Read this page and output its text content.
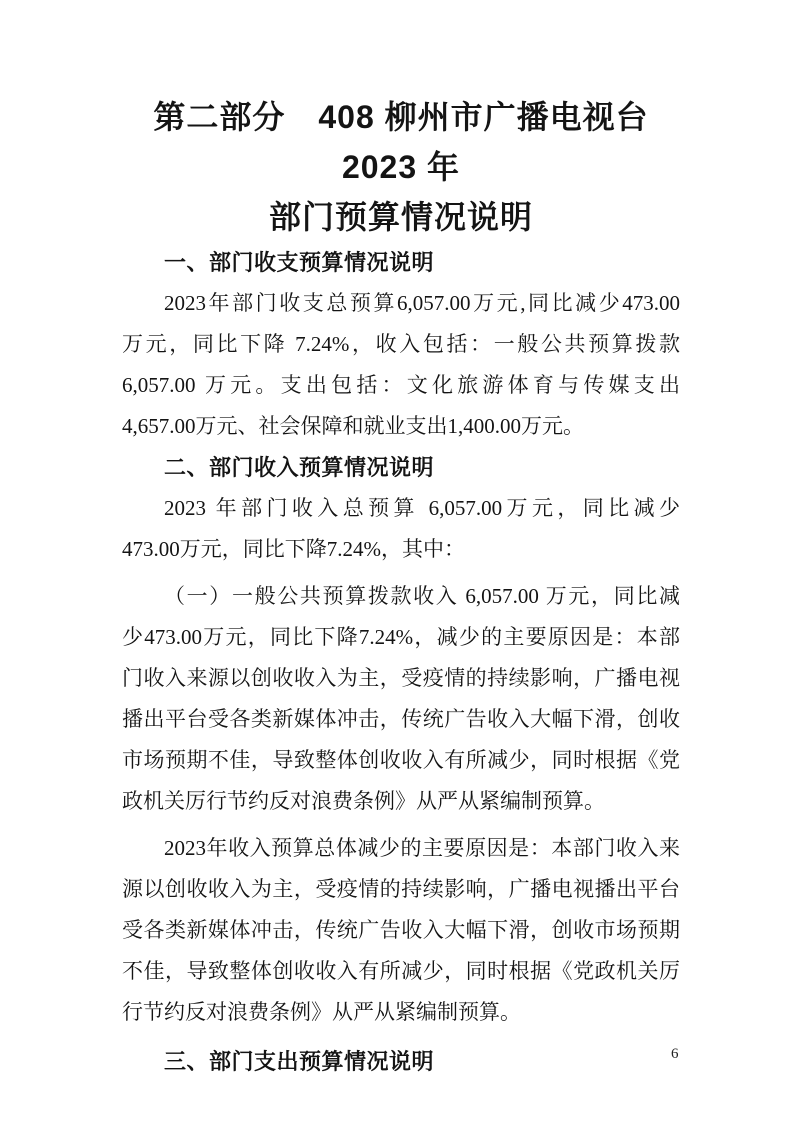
第二部分　408 柳州市广播电视台 2023 年
部门预算情况说明
一、部门收支预算情况说明
2023年部门收支总预算6,057.00万元,同比减少473.00
万元，同比下降 7.24%，收入包括：一般公共预算拨款
6,057.00 万元。支出包括：文化旅游体育与传媒支出
4,657.00万元、社会保障和就业支出1,400.00万元。
二、部门收入预算情况说明
2023 年部门收入总预算 6,057.00万元，同比减少
473.00万元，同比下降7.24%，其中：
（一）一般公共预算拨款收入 6,057.00 万元，同比减
少473.00万元，同比下降7.24%，减少的主要原因是：本部
门收入来源以创收收入为主，受疫情的持续影响，广播电视
播出平台受各类新媒体冲击，传统广告收入大幅下滑，创收
市场预期不佳，导致整体创收收入有所减少，同时根据《党
政机关厉行节约反对浪费条例》从严从紧编制预算。
2023年收入预算总体减少的主要原因是：本部门收入来
源以创收收入为主，受疫情的持续影响，广播电视播出平台
受各类新媒体冲击，传统广告收入大幅下滑，创收市场预期
不佳，导致整体创收收入有所减少，同时根据《党政机关厉
行节约反对浪费条例》从严从紧编制预算。
三、部门支出预算情况说明	6
